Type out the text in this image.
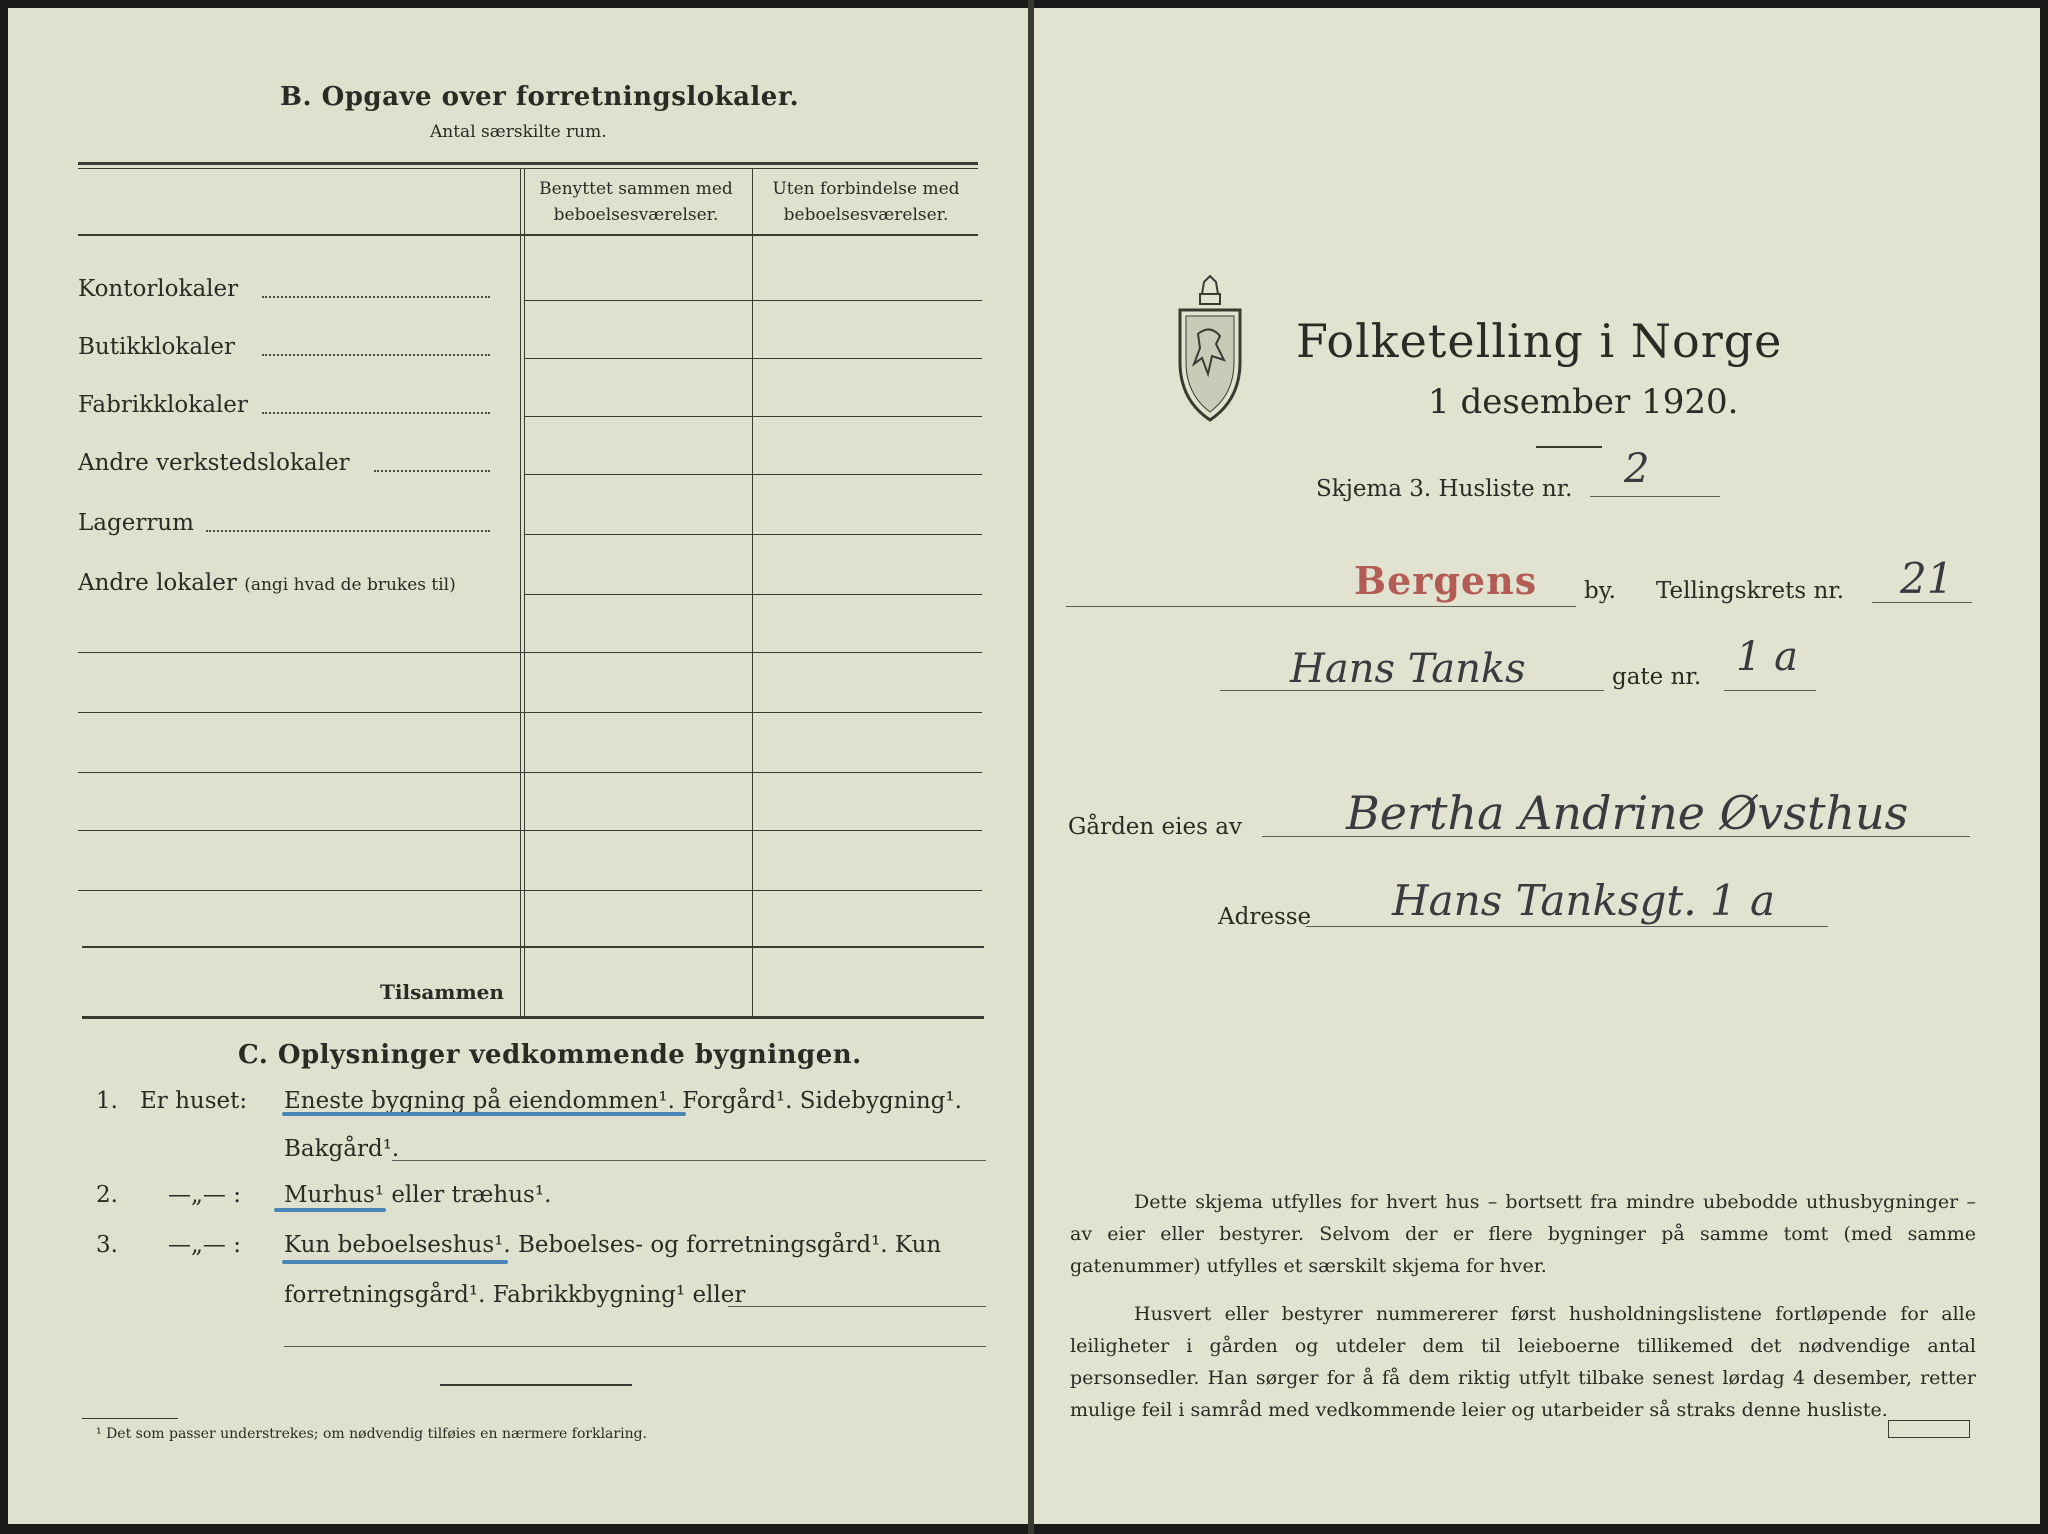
B. Opgave over forretningslokaler.
Antal særskilte rum.
Benyttet sammen med
beboelsesværelser.
Uten forbindelse med
beboelsesværelser.
Kontorlokaler
Butikklokaler
Fabrikklokaler
Andre verkstedslokaler
Lagerrum
Andre lokaler (angi hvad de brukes til)
Tilsammen
C. Oplysninger vedkommende bygningen.
1. Er huset: Eneste bygning på eiendommen¹. Forgård¹. Sidebygning¹.
Bakgård¹.
2. —„— : Murhus¹ eller træhus¹.
3. —„— : Kun beboelseshus¹. Beboelses- og forretningsgård¹. Kun
forretningsgård¹. Fabrikkbygning¹ eller
¹ Det som passer understrekes; om nødvendig tilføies en nærmere forklaring.
Folketelling i Norge
1 desember 1920.
Skjema 3. Husliste nr. 2
Bergens by. Tellingskrets nr. 21
Hans Tanks	gate nr. 1 a
Gården eies av Bertha Andrine Øvsthus
Adresse Hans Tanksgt. 1 a
Dette skjema utfylles for hvert hus – bortsett fra mindre ubebodde uthusbygninger – av eier eller bestyrer. Selvom der er flere bygninger på samme tomt (med samme gatenummer) utfylles et særskilt skjema for hver.
Husvert eller bestyrer nummererer først husholdningslistene fortløpende for alle leiligheter i gården og utdeler dem til leieboerne tillikemed det nødvendige antal personsedler. Han sørger for å få dem riktig utfylt tilbake senest lørdag 4 desember, retter mulige feil i samråd med vedkommende leier og utarbeider så straks denne husliste.
